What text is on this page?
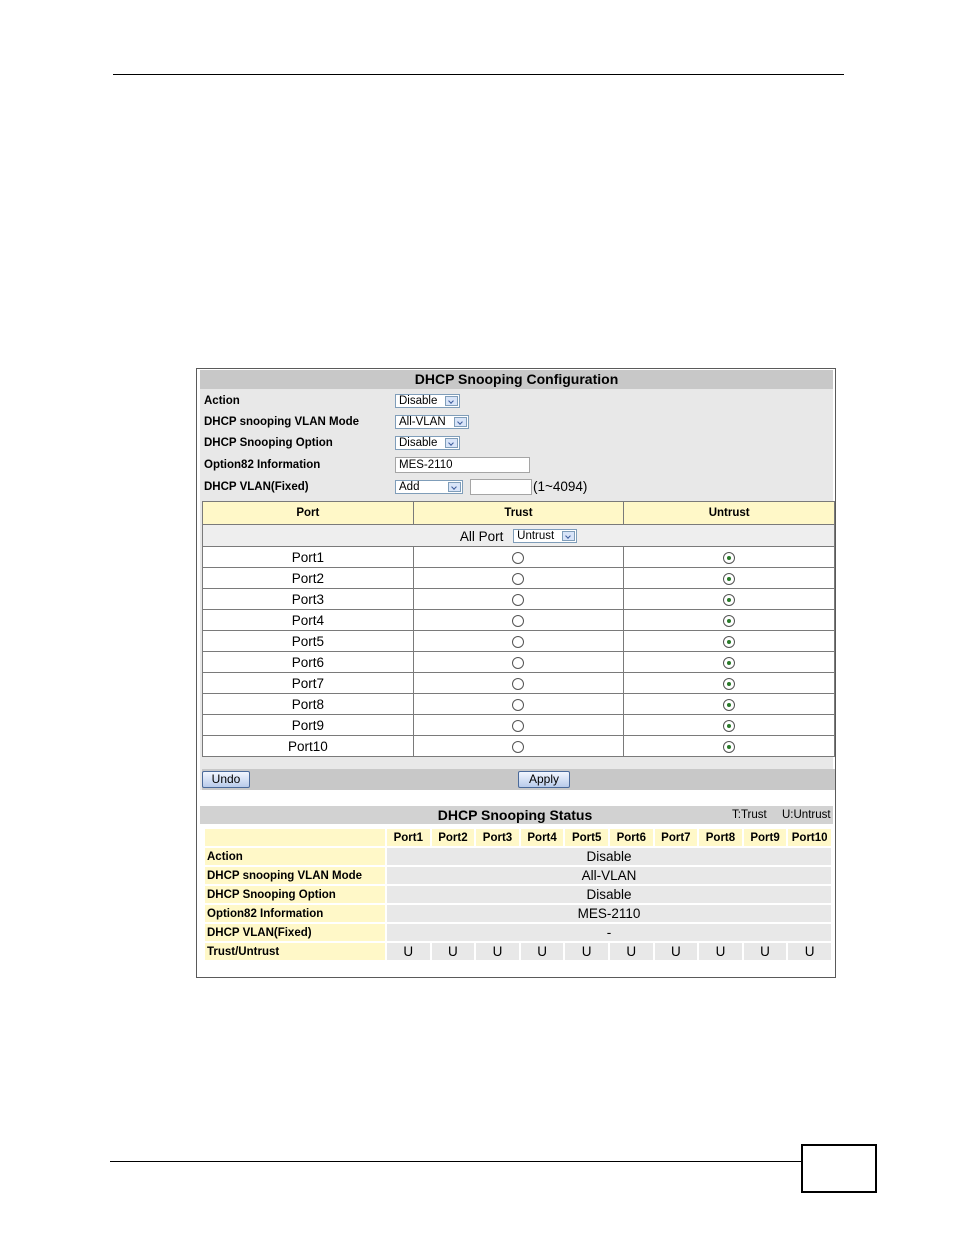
DHCP Snooping Configuration
Action	Disable
DHCP snooping VLAN Mode	All-VLAN
DHCP Snooping Option	Disable
Option82 Information	MES-2110
DHCP VLAN(Fixed)	Add	(1~4094)
Port	Trust	Untrust
All Port Untrust		

Port1		
Port2		
Port3		
Port4		
Port5		
Port6		
Port7		
Port8		
Port9		
Port10		
Undo	Apply
DHCP Snooping Status	T:Trust U:Untrust
	Port1	Port2	Port3	Port4	Port5	Port6	Port7	Port8	Port9	Port10
Action	Disable									
DHCP snooping VLAN Mode	All-VLAN									
DHCP Snooping Option	Disable									
Option82 Information	MES-2110									
DHCP VLAN(Fixed)	-									
Trust/Untrust	U	U	U	U	U	U	U	U	U	U
